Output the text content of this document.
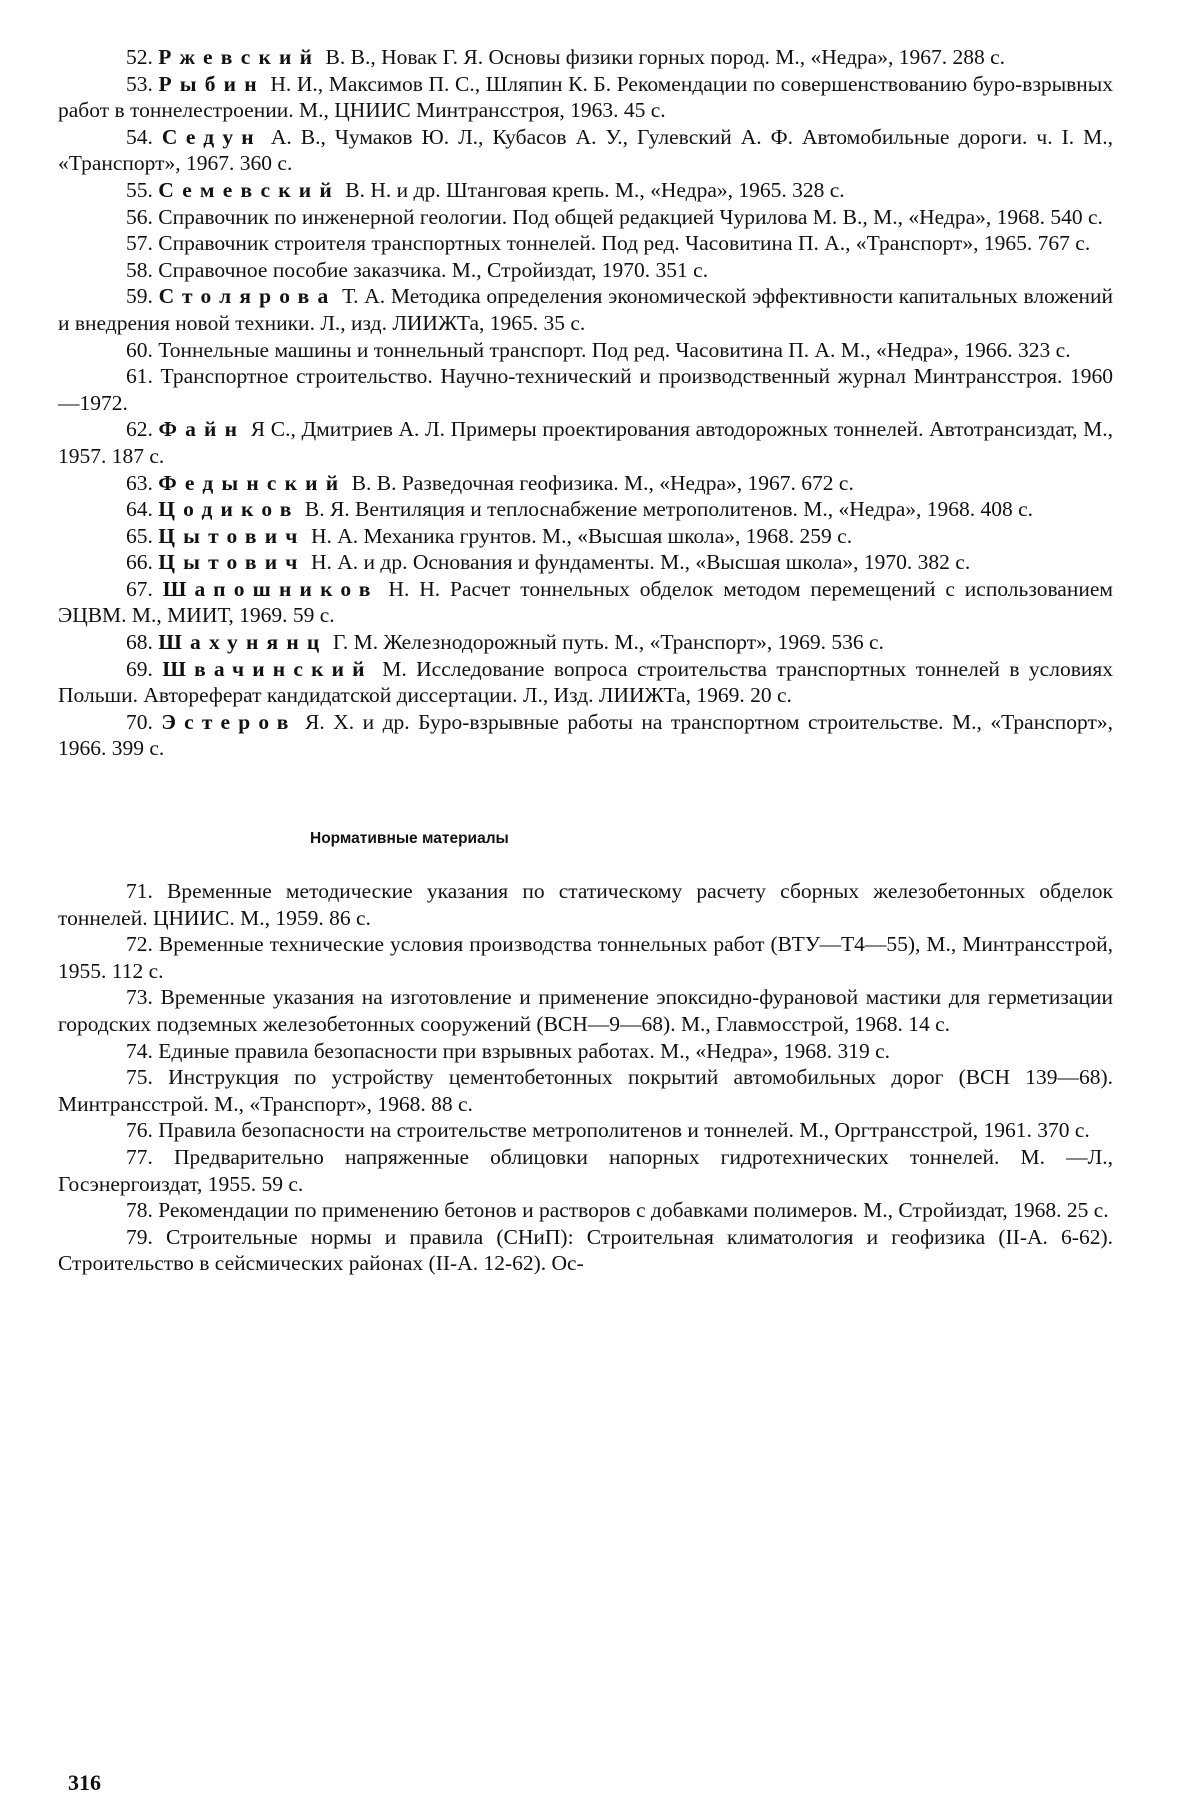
52. Ржевский В. В., Новак Г. Я. Основы физики горных пород. М., «Недра», 1967. 288 с.

53. Рыбин Н. И., Максимов П. С., Шляпин К. Б. Рекомендации по совершенствованию буро-взрывных работ в тоннелестроении. М., ЦНИИС Минтрансстроя, 1963. 45 с.

54. Седун А. В., Чумаков Ю. Л., Кубасов А. У., Гулевский А. Ф. Автомобильные дороги. ч. I. М., «Транспорт», 1967. 360 с.

55. Семевский В. Н. и др. Штанговая крепь. М., «Недра», 1965. 328 с.

56. Справочник по инженерной геологии. Под общей редакцией Чурилова М. В., М., «Недра», 1968. 540 с.

57. Справочник строителя транспортных тоннелей. Под ред. Часовитина П. А., «Транспорт», 1965. 767 с.

58. Справочное пособие заказчика. М., Стройиздат, 1970. 351 с.

59. Столярова Т. А. Методика определения экономической эффективности капитальных вложений и внедрения новой техники. Л., изд. ЛИИЖТа, 1965. 35 с.

60. Тоннельные машины и тоннельный транспорт. Под ред. Часовитина П. А. М., «Недра», 1966. 323 с.

61. Транспортное строительство. Научно-технический и производственный журнал Минтрансстроя. 1960—1972.

62. Файн Я С., Дмитриев А. Л. Примеры проектирования автодорожных тоннелей. Автотрансиздат, М., 1957. 187 с.

63. Федынский В. В. Разведочная геофизика. М., «Недра», 1967. 672 с.

64. Цодиков В. Я. Вентиляция и теплоснабжение метрополитенов. М., «Недра», 1968. 408 с.

65. Цытович Н. А. Механика грунтов. М., «Высшая школа», 1968. 259 с.

66. Цытович Н. А. и др. Основания и фундаменты. М., «Высшая школа», 1970. 382 с.

67. Шапошников Н. Н. Расчет тоннельных обделок методом перемещений с использованием ЭЦВМ. М., МИИТ, 1969. 59 с.

68. Шахунянц Г. М. Железнодорожный путь. М., «Транспорт», 1969. 536 с.

69. Швачинский М. Исследование вопроса строительства транспортных тоннелей в условиях Польши. Автореферат кандидатской диссертации. Л., Изд. ЛИИЖТа, 1969. 20 с.

70. Эстеров Я. Х. и др. Буро-взрывные работы на транспортном строительстве. М., «Транспорт», 1966. 399 с.

Нормативные материалы

71. Временные методические указания по статическому расчету сборных железобетонных обделок тоннелей. ЦНИИС. М., 1959. 86 с.

72. Временные технические условия производства тоннельных работ (ВТУ—Т4—55), М., Минтрансстрой, 1955. 112 с.

73. Временные указания на изготовление и применение эпоксидно-фурановой мастики для герметизации городских подземных железобетонных сооружений (ВСН—9—68). М., Главмосстрой, 1968. 14 с.

74. Единые правила безопасности при взрывных работах. М., «Недра», 1968. 319 с.

75. Инструкция по устройству цементобетонных покрытий автомобильных дорог (ВСН 139—68). Минтрансстрой. М., «Транспорт», 1968. 88 с.

76. Правила безопасности на строительстве метрополитенов и тоннелей. М., Оргтрансстрой, 1961. 370 с.

77. Предварительно напряженные облицовки напорных гидротехнических тоннелей. М. —Л., Госэнергоиздат, 1955. 59 с.

78. Рекомендации по применению бетонов и растворов с добавками полимеров. М., Стройиздат, 1968. 25 с.

79. Строительные нормы и правила (СНиП): Строительная климатология и геофизика (II-А. 6-62). Строительство в сейсмических районах (II-А. 12-62). Ос-

316
